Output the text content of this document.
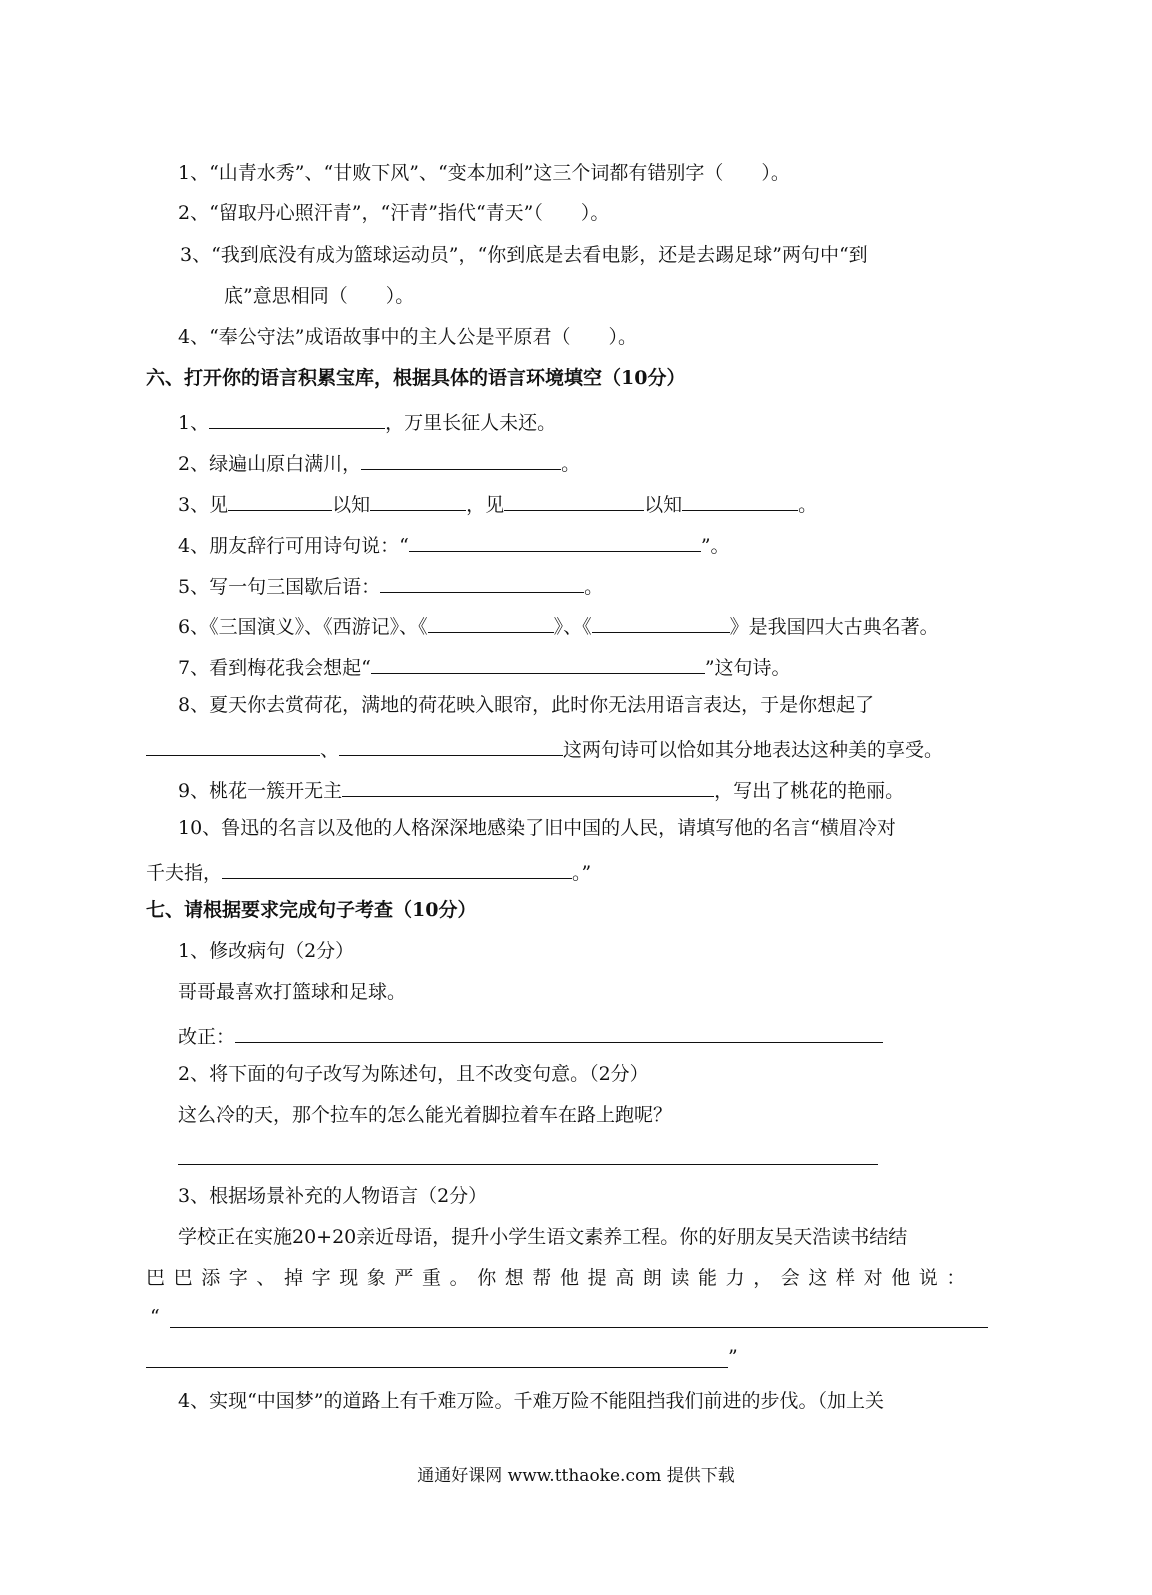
1、“山青水秀”、“甘败下风”、“变本加利”这三个词都有错别字（　　）。
2、“留取丹心照汗青”，“汗青”指代“青天”（　　）。
3、“我到底没有成为篮球运动员”，“你到底是去看电影，还是去踢足球”两句中“到
底”意思相同（　　）。
4、“奉公守法”成语故事中的主人公是平原君（　　）。
六、打开你的语言积累宝库，根据具体的语言环境填空（10分）
1、	，万里长征人未还。
2、绿遍山原白满川，	。
3、见	以知	，见	以知	。
4、朋友辞行可用诗句说：“	”。
5、写一句三国歇后语：	。
6、《三国演义》、《西游记》、《	》、《	》是我国四大古典名著。
7、看到梅花我会想起“	”这句诗。
8、夏天你去赏荷花，满地的荷花映入眼帘，此时你无法用语言表达，于是你想起了
、	这两句诗可以恰如其分地表达这种美的享受。
9、桃花一簇开无主	，写出了桃花的艳丽。
10、鲁迅的名言以及他的人格深深地感染了旧中国的人民，请填写他的名言“横眉冷对
千夫指，	。”
七、请根据要求完成句子考查（10分）
1、修改病句（2分）
哥哥最喜欢打篮球和足球。
改正：
2、将下面的句子改写为陈述句，且不改变句意。（2分）
这么冷的天，那个拉车的怎么能光着脚拉着车在路上跑呢？
3、根据场景补充的人物语言（2分）
学校正在实施20+20亲近母语，提升小学生语文素养工程。你的好朋友吴天浩读书结结
巴巴添字、掉字现象严重。你想帮他提高朗读能力，会这样对他说：
“
”
4、实现“中国梦”的道路上有千难万险。千难万险不能阻挡我们前进的步伐。（加上关
通通好课网 www.tthaoke.com 提供下载
